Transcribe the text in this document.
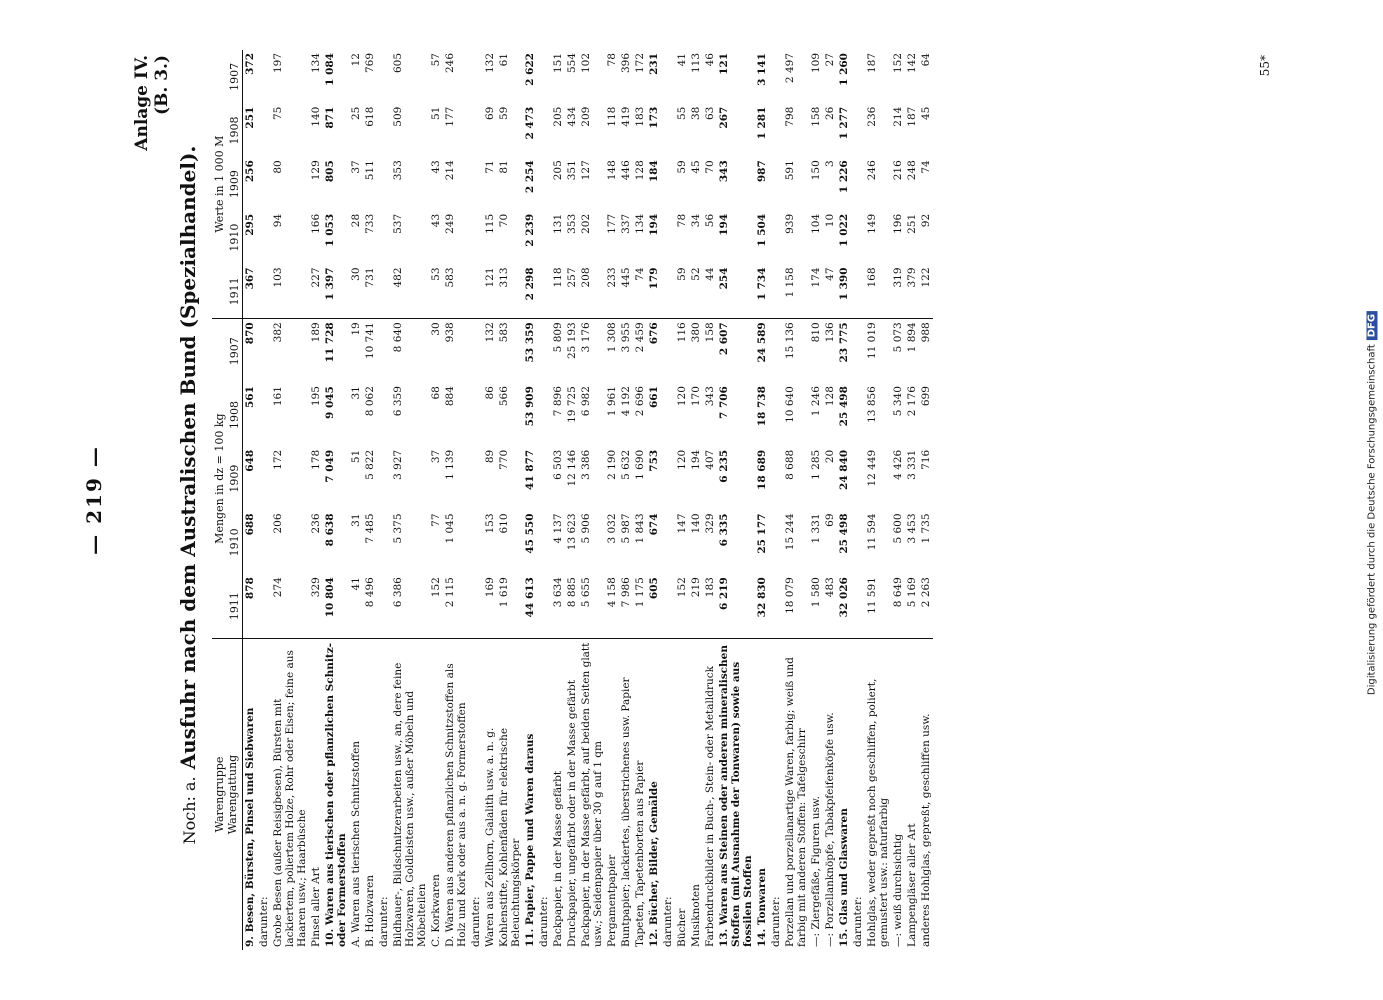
— 219 —
Anlage IV. (B. 3.)
Noch: a. Ausfuhr nach dem Australischen Bund (Spezialhandel).
Warengruppe Warengattung	Mengen in dz = 100 kg					Werte in 1 000 M				
	1911	1910	1909	1908	1907	1911	1910	1909	1908	1907
9. Besen, Bürsten, Pinsel und Siebwaren	878	688	648	561	870	367	295	256	251	372
darunter:										
Grobe Besen (außer Reisigbesen), Bürsten mit lackiertem, poliertem Holze, Rohr oder Eisen; feine aus Haaren usw.; Haarbüsche	274	206	172	161	382	103	94	80	75	197
Pinsel aller Art	329	236	178	195	189	227	166	129	140	134
10. Waren aus tierischen oder pflanzlichen Schnitz- oder Formerstoffen	10 804	8 638	7 049	9 045	11 728	1 397	1 053	805	871	1 084
A. Waren aus tierischen Schnitzstoffen	41	31	51	31	19	30	28	37	25	12
B. Holzwaren	8 496	7 485	5 822	8 062	10 741	731	733	511	618	769
darunter:										
Bildhauer-, Bildschnitzerarbeiten usw., an, dere feine Holzwaren, Goldleisten usw., außer Möbeln und Möbelteilen	6 386	5 375	3 927	6 359	8 640	482	537	353	509	605
C. Korkwaren	152	77	37	68	30	53	43	43	51	57
D. Waren aus anderen pflanzlichen Schnitzstoffen als Holz und Kork oder aus a. n. g. Formerstoffen	2 115	1 045	1 139	884	938	583	249	214	177	246
darunter:										
Waren aus Zellhorn, Galalith usw. a. n. g.	169	153	89	86	132	121	115	71	69	132
Kohlenstifte, Kohlenfäden für elektrische Beleuchtungskörper	1 619	610	770	566	583	313	70	81	59	61
11. Papier, Pappe und Waren daraus	44 613	45 550	41 877	53 909	53 359	2 298	2 239	2 254	2 473	2 622
darunter:										
Packpapier, in der Masse gefärbt	3 634	4 137	6 503	7 896	5 809	118	131	205	205	151
Druckpapier, ungefärbt oder in der Masse gefärbt	8 885	13 623	12 146	19 725	25 193	257	353	351	434	554
Packpapier, in der Masse gefärbt, auf beiden Seiten glatt usw.; Seidenpapier über 30 g auf 1 qm	5 655	5 906	3 386	6 982	3 176	208	202	127	209	102
Pergamentpapier	4 158	3 032	2 190	1 961	1 308	233	177	148	118	78
Buntpapier; lackiertes, überstrichenes usw. Papier	7 986	5 987	5 632	4 192	3 955	445	337	446	419	396
Tapeten, Tapetenborten aus Papier	1 175	1 843	1 690	2 696	2 459	74	134	128	183	172
12. Bücher, Bilder, Gemälde	605	674	753	661	676	179	194	184	173	231
darunter:										
Bücher	152	147	120	120	116	59	78	59	55	41
Musiknoten	219	140	194	170	380	52	34	45	38	113
Farbendruckbilder in Buch-, Stein- oder Metalldruck	183	329	407	343	158	44	56	70	63	46
13. Waren aus Steinen oder anderen mineralischen Stoffen (mit Ausnahme der Tonwaren) sowie aus fossilen Stoffen	6 219	6 335	6 235	7 706	2 607	254	194	343	267	121
14. Tonwaren	32 830	25 177	18 689	18 738	24 589	1 734	1 504	987	1 281	3 141
darunter:										
Porzellan und porzellanartige Waren, farbig; weiß und farbig mit anderen Stoffen: Tafelgeschirr	18 079	15 244	8 688	10 640	15 136	1 158	939	591	798	2 497
—: Ziergefäße, Figuren usw.	1 580	1 331	1 285	1 246	810	174	104	150	158	109
—: Porzellanknöpfe, Tabakpfeifenköpfe usw.	483	69	20	128	136	47	10	3	26	27
15. Glas und Glaswaren	32 026	25 498	24 840	25 498	23 775	1 390	1 022	1 226	1 277	1 260
darunter:										
Hohlglas, weder gepreßt noch geschliffen, poliert, gemustert usw.: naturfarbig	11 591	11 594	12 449	13 856	11 019	168	149	246	236	187
—: weiß durchsichtig	8 649	5 600	4 426	5 340	5 073	319	196	216	214	152
Lampengläser aller Art	5 169	3 453	3 331	2 176	1 894	379	251	248	187	142
anderes Hohlglas, gepreßt, geschliffen usw.	2 263	1 735	716	699	988	122	92	74	45	64	55*
Digitalisierung gefördert durch die Deutsche ForschungsgemeinschaftDFG
